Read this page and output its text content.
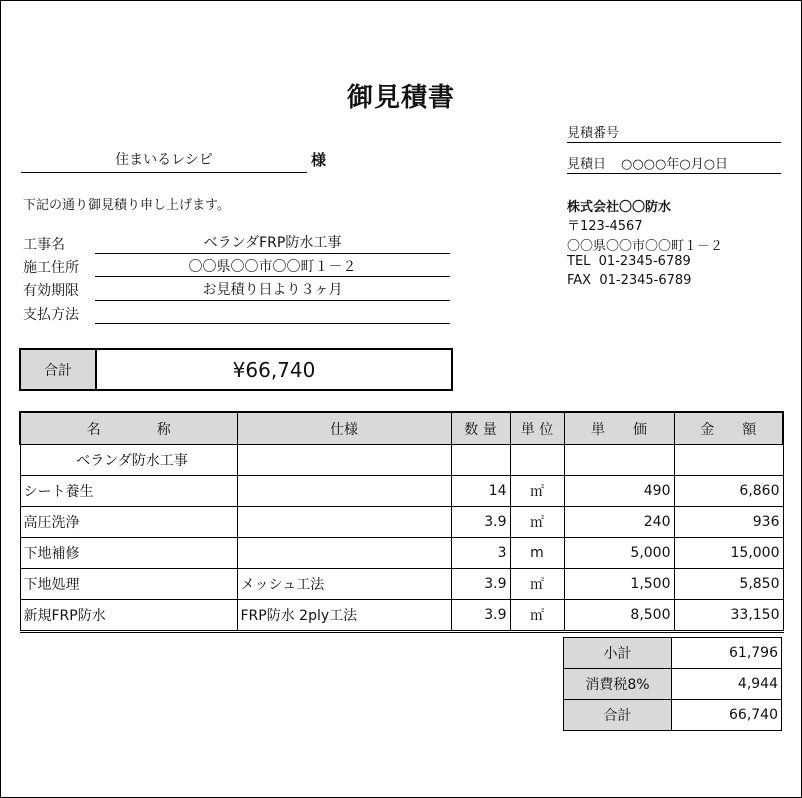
御見積書
住まいるレシピ	様
下記の通り御見積り申し上げます。
見積番号
見積日 ○○○○年○月○日
株式会社〇〇防水
〒123-4567
〇〇県〇〇市〇〇町１－２
TEL  01-2345-6789
FAX  01-2345-6789
工事名	ベランダFRP防水工事
施工住所	〇〇県〇〇市〇〇町１－２
有効期限	お見積り日より３ヶ月
支払方法
合計	¥66,740
名　　　　称	仕様	数 量	単 位	単　　価	金　　額
ベランダ防水工事					
シート養生		14	㎡	490	6,860
高圧洗浄		3.9	㎡	240	936
下地補修		3	m	5,000	15,000
下地処理	メッシュ工法	3.9	㎡	1,500	5,850
新規FRP防水	FRP防水 2ply工法	3.9	㎡	8,500	33,150
小計	61,796
消費税8%	4,944
合計	66,740
